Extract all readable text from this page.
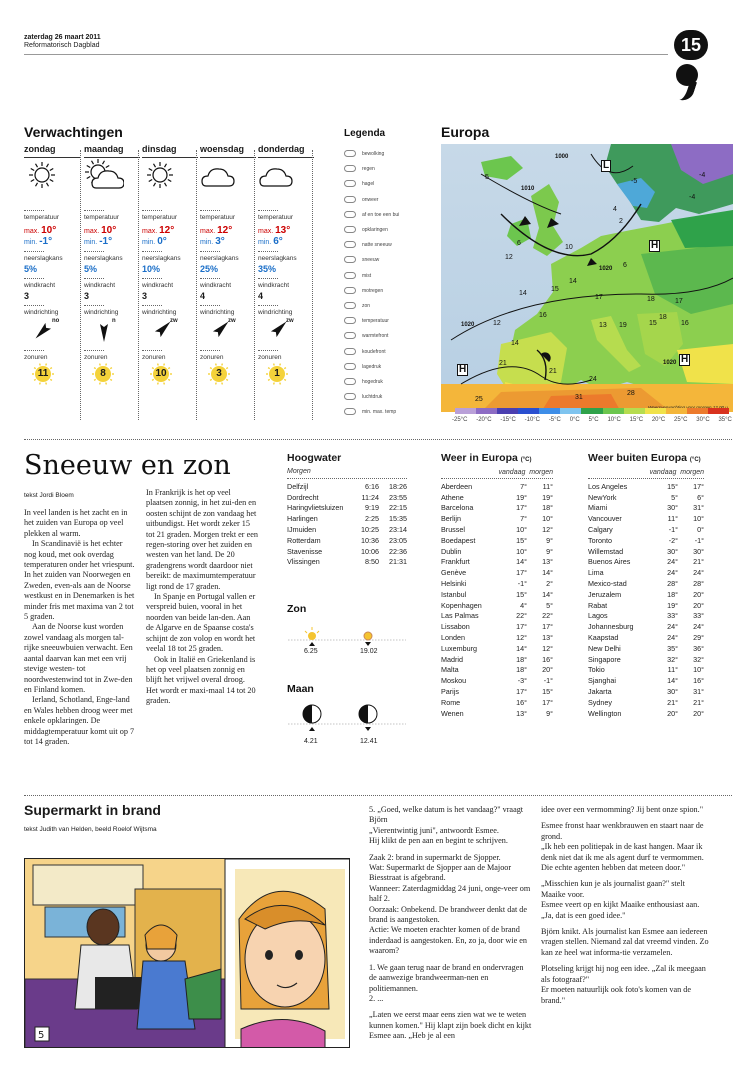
zaterdag 26 maart 2011
Reformatorisch Dagblad	15
Verwachtingen
zondag
temperatuur
max. 10°
min. -1°
neerslagkans
5%
windkracht
3
windrichting
no
zonuren
11
maandag
temperatuur
max. 10°
min. -1°
neerslagkans
5%
windkracht
3
windrichting
n
zonuren
8
dinsdag
temperatuur
max. 12°
min. 0°
neerslagkans
10%
windkracht
3
windrichting
zw
zonuren
10
woensdag
temperatuur
max. 12°
min. 3°
neerslagkans
25%
windkracht
4
windrichting
zw
zonuren
3
donderdag
temperatuur
max. 13°
min. 6°
neerslagkans
35%
windkracht
4
windrichting
zw
zonuren
1
Legenda
bewolking
regen
hagel
onweer
af en toe een bui
opklaringen
natte sneeuw
sneeuw
mist
motregen
zon
temperatuur
warmtefront
koudefront
lagedruk
hogedruk
luchtdruk
min. max. temp
Europa
1000
1010
1020
1020
1020
L
H
H
H
5
-5
-4
-4
2
4
6
12
10
6
14
15
17	18
14
16
12	13 19	15
14
21
21
24
31
28
25
18
16
17
-25°C -20°C -15°C -10°C -5°C 0°C 5°C 10°C 15°C 20°C 25°C 30°C 35°C
Sneeuw en zon
tekst Jordi Bloem

In veel landen is het zacht en in het zuiden van Europa op veel plekken al warm.

In Scandinavië is het echter nog koud, met ook overdag temperaturen onder het vriespunt. In het zuiden van Noorwegen en Zweden, even-als aan de Noorse westkust en in Denemarken is het minder fris met maxima van 2 tot 5 graden.

Aan de Noorse kust worden zowel vandaag als morgen tal-rijke sneeuwbuien verwacht. Een aantal daarvan kan met een vrij stevige westen- tot noordwestenwind tot in Zwe-den en Finland komen.

Ierland, Schotland, Enge-land en Wales hebben droog weer met enkele opklaringen. De middagtemperatuur komt uit op 7 tot 14 graden.

In Frankrijk is het op veel plaatsen zonnig, in het zui-den en oosten schijnt de zon vandaag het uitbundigst. Het wordt zeker 15 tot 21 graden. Morgen trekt er een regen-storing over het zuiden en westen van het land. De 20 gradengrens wordt daardoor niet bereikt: de maximumtemperatuur ligt rond de 17 graden.

In Spanje en Portugal vallen er verspreid buien, vooral in het noorden van beide lan-den. Aan de Algarve en de Spaanse costa's schijnt de zon volop en wordt het veelal 18 tot 25 graden.

Ook in Italië en Griekenland is het op veel plaatsen zonnig en blijft het vrijwel overal droog. Het wordt er maxi-maal 14 tot 20 graden.

Hoogwater
Morgen
Delfzijl	6:16	18:26
Dordrecht	11:24	23:55
Haringvlietsluizen	9:19	22:15
Harlingen	2:25	15:35
IJmuiden	10:25	23:14
Rotterdam	10:36	23:05
Stavenisse	10:06	22:36
Vlissingen	8:50	21:31
Zon
6.25	19.02
Maan
4.21	12.41
Weer in Europa (°C)
vandaag morgen
Aberdeen	7°	11°
Athene	19°	19°
Barcelona	17°	18°
Berlijn	7°	10°
Brussel	10°	12°
Boedapest	15°	9°
Dublin	10°	9°
Frankfurt	14°	13°
Genève	17°	14°
Helsinki	-1°	2°
Istanbul	15°	14°
Kopenhagen	4°	5°
Las Palmas	22°	22°
Lissabon	17°	17°
Londen	12°	13°
Luxemburg	14°	12°
Madrid	18°	16°
Malta	18°	20°
Moskou	-3°	-1°
Parijs	17°	15°
Rome	16°	17°
Wenen	13°	9°
Weer buiten Europa (°C)
vandaag morgen
Los Angeles	15°	17°
NewYork	5°	6°
Miami	30°	31°
Vancouver	11°	10°
Calgary	-1°	0°
Toronto	-2°	-1°
Willemstad	30°	30°
Buenos Aires	24°	21°
Lima	24°	24°
Mexico-stad	28°	28°
Jeruzalem	18°	20°
Rabat	19°	20°
Lagos	33°	33°
Johannesburg	24°	24°
Kaapstad	24°	29°
New Delhi	35°	36°
Singapore	32°	32°
Tokio	11°	10°
Sjanghai	14°	16°
Jakarta	30°	31°
Sydney	21°	21°
Wellington	20°	20°
Supermarkt in brand
tekst Judith van Helden, beeld Roelof Wijtsma
5

5. „Goed, welke datum is het vandaag?" vraagt Björn

„Vierentwintig juni", antwoordt Esmee.

Hij klikt de pen aan en begint te schrijven.

Zaak 2: brand in supermarkt de Sjopper.

Wat: Supermarkt de Sjopper aan de Majoor Biesstraat is afgebrand.

Wanneer: Zaterdagmiddag 24 juni, onge-veer om half 2.

Oorzaak: Onbekend. De brandweer denkt dat de brand is aangestoken.

Actie: We moeten erachter komen of de brand inderdaad is aangestoken. En, zo ja, door wie en waarom?

1. We gaan terug naar de brand en ondervragen de aanwezige brandweerman-nen en politiemannen.

2. ...

„Laten we eerst maar eens zien wat we te weten kunnen komen." Hij klapt zijn boek dicht en kijkt Esmee aan. „Heb je al een

idee over een vermomming? Jij bent onze spion."

Esmee fronst haar wenkbrauwen en staart naar de grond.

„Ik heb een politiepak in de kast hangen. Maar ik denk niet dat ik me als agent durf te vermommen. Die echte agenten hebben dat meteen door."

„Misschien kun je als journalist gaan?" stelt Maaike voor.

Esmee veert op en kijkt Maaike enthousiast aan. „Ja, dat is een goed idee."

Björn knikt. Als journalist kan Esmee aan iedereen vragen stellen. Niemand zal dat vreemd vinden. Zo kan ze heel wat informa-tie verzamelen.

Plotseling krijgt hij nog een idee. „Zal ik meegaan als fotograaf?"

Er moeten natuurlijk ook foto's komen van de brand."
